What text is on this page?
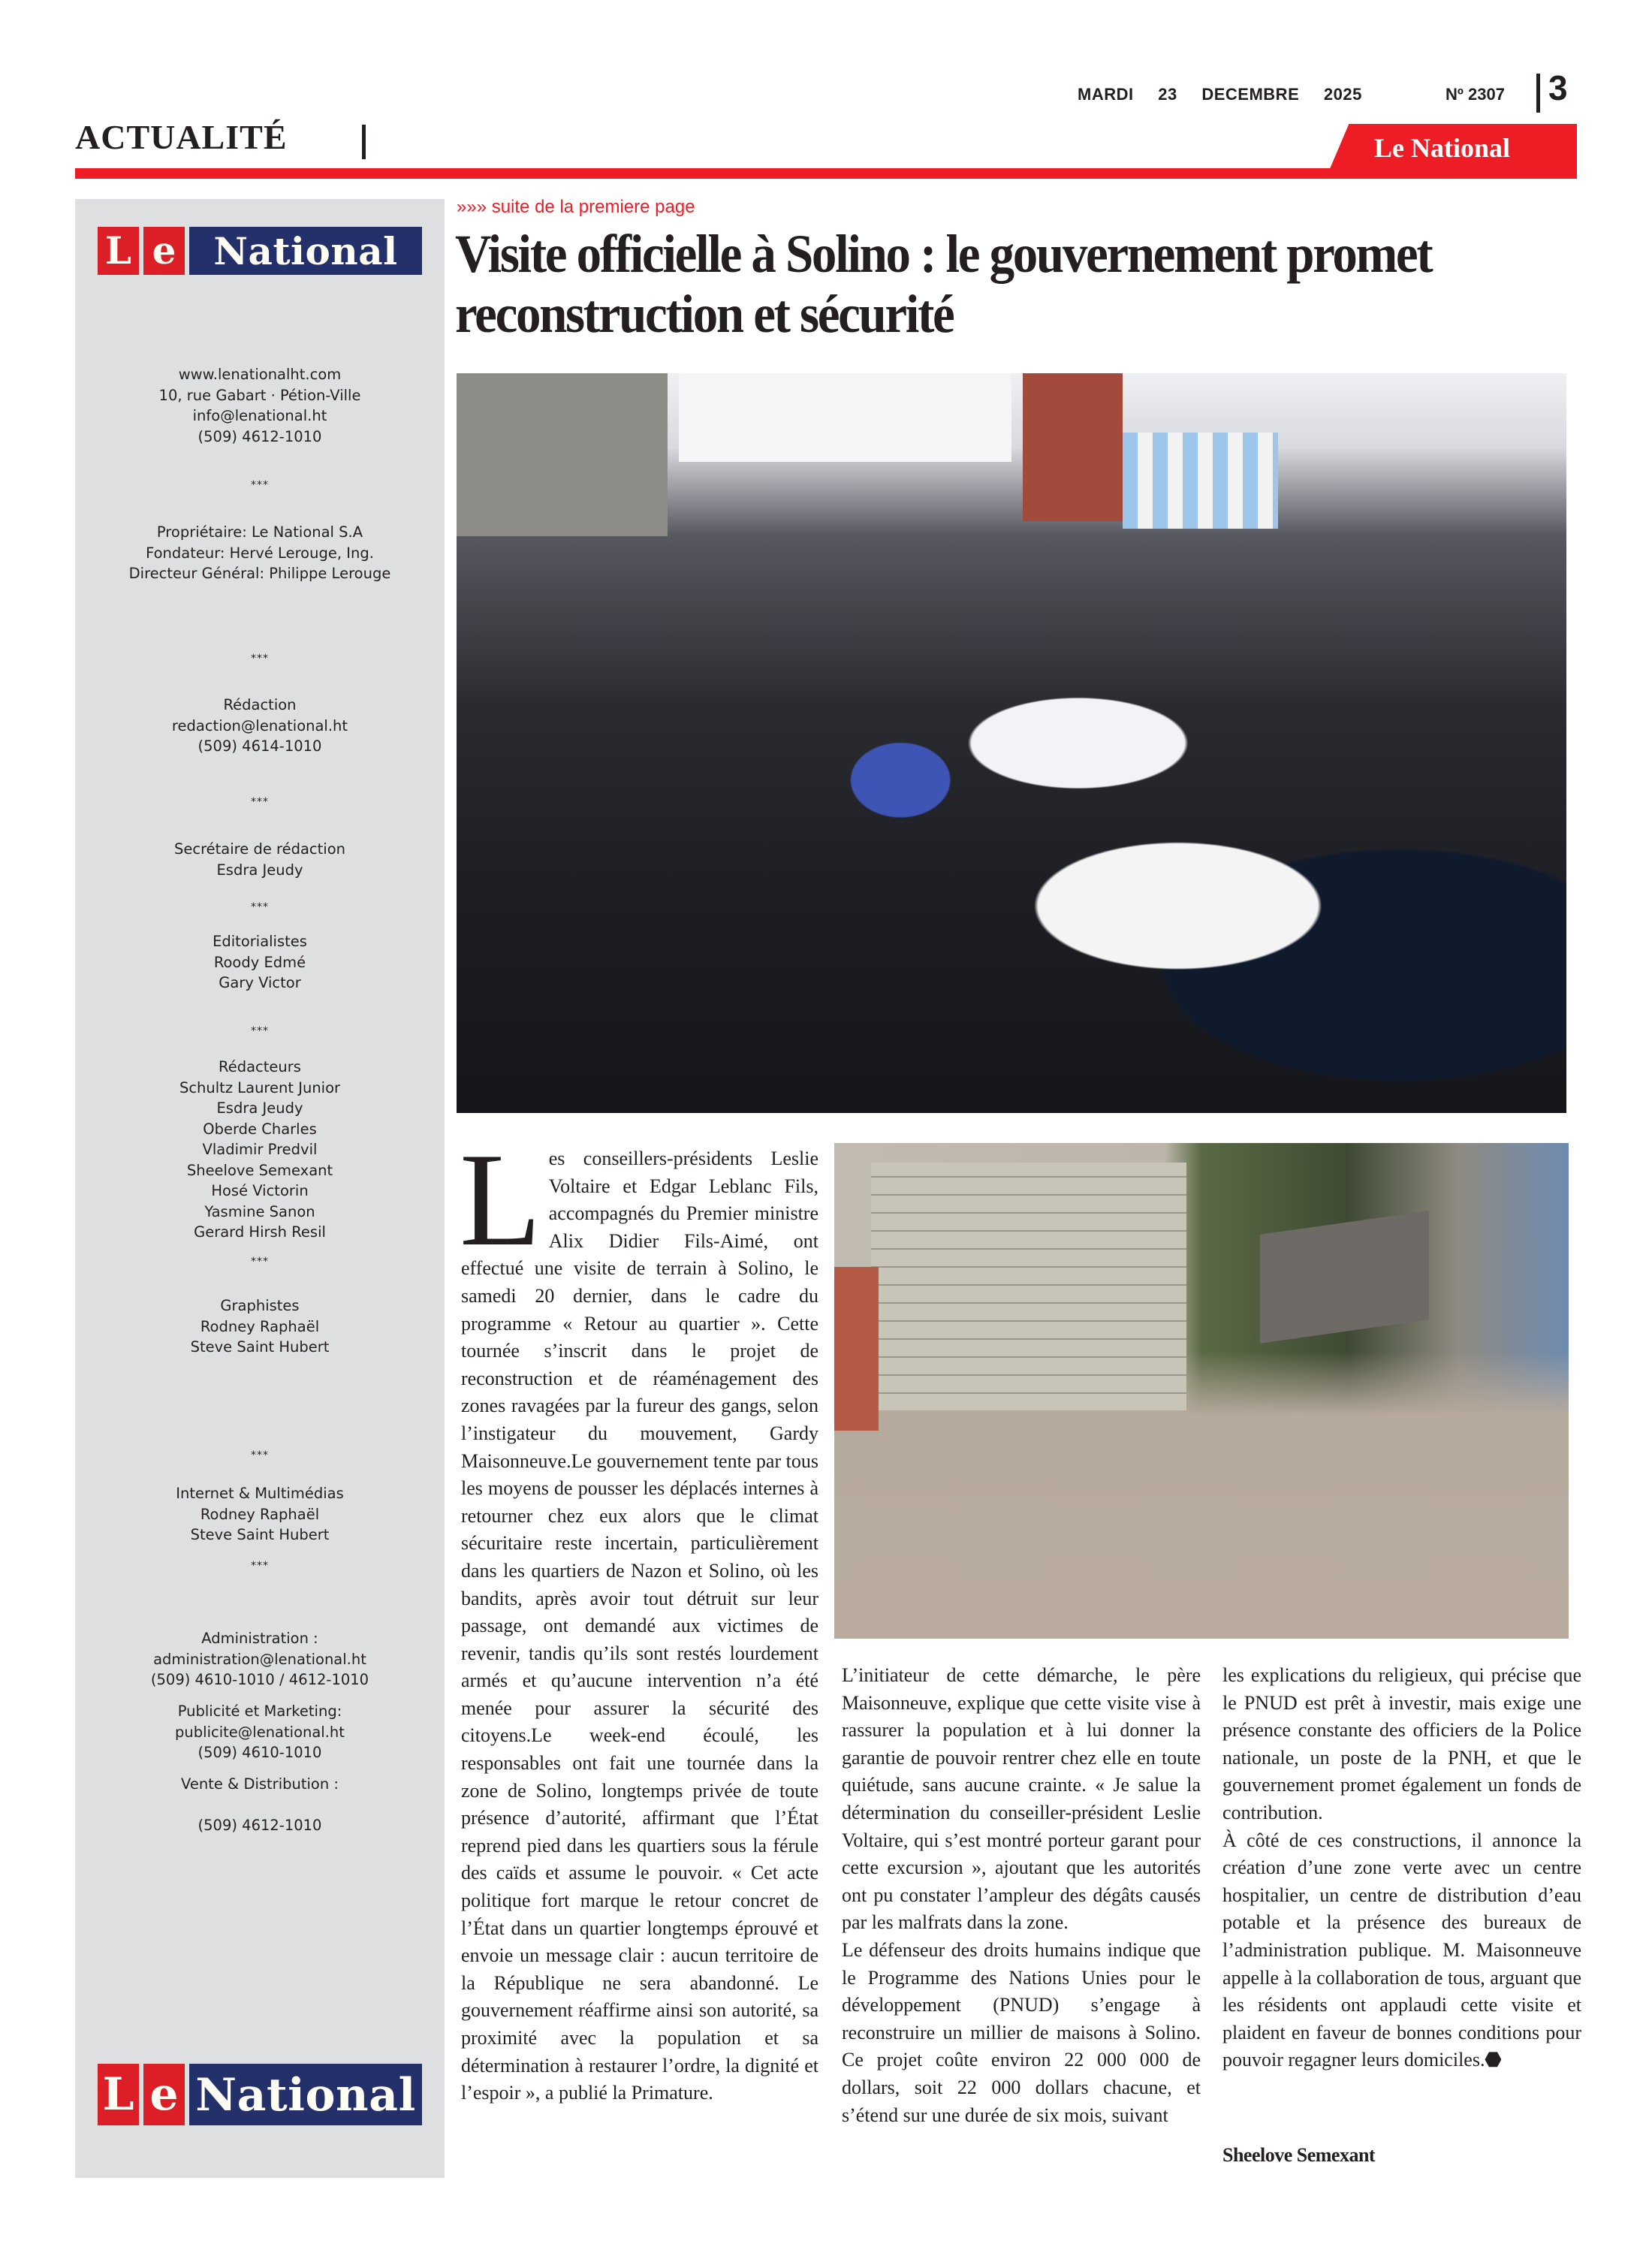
MARDI 23 DECEMBRE 2025	Nº 2307 3
ACTUALITÉ	Le National
L e National
www.lenationalht.com
10, rue Gabart · Pétion-Ville
info@lenational.ht
(509) 4612-1010
***
Propriétaire: Le National S.A
Fondateur: Hervé Lerouge, Ing.
Directeur Général: Philippe Lerouge
***
Rédaction
redaction@lenational.ht
(509) 4614-1010
***
Secrétaire de rédaction
Esdra Jeudy
***
Editorialistes
Roody Edmé
Gary Victor
***
Rédacteurs
Schultz Laurent Junior
Esdra Jeudy
Oberde Charles
Vladimir Predvil
Sheelove Semexant
Hosé Victorin
Yasmine Sanon
Gerard Hirsh Resil
***
Graphistes
Rodney Raphaël
Steve Saint Hubert
***
Internet & Multimédias
Rodney Raphaël
Steve Saint Hubert
***
Administration :
administration@lenational.ht
(509) 4610-1010 / 4612-1010
Publicité et Marketing:
publicite@lenational.ht
(509) 4610-1010
Vente & Distribution :
(509) 4612-1010
L e National
»»» suite de la premiere page
Visite officielle à Solino : le gouvernement promet reconstruction et sécurité
L es conseillers-présidents Leslie Voltaire et Edgar Leblanc Fils, accompagnés du Premier ministre Alix Didier Fils-Aimé, ont effectué une visite de terrain à Solino, le samedi 20 dernier, dans le cadre du programme « Retour au quartier ». Cette tournée s’inscrit dans le projet de reconstruction et de réaménagement des zones ravagées par la fureur des gangs, selon l’instigateur du mouvement, Gardy Maisonneuve.Le gouvernement tente par tous les moyens de pousser les déplacés internes à retourner chez eux alors que le climat sécuritaire reste incertain, particulièrement dans les quartiers de Nazon et Solino, où les bandits, après avoir tout détruit sur leur passage, ont demandé aux victimes de revenir, tandis qu’ils sont restés lourdement armés et qu’aucune intervention n’a été menée pour assurer la sécurité des citoyens.Le week-end écoulé, les responsables ont fait une tournée dans la zone de Solino, longtemps privée de toute présence d’autorité, affirmant que l’État reprend pied dans les quartiers sous la férule des caïds et assume le pouvoir. « Cet acte politique fort marque le retour concret de l’État dans un quartier longtemps éprouvé et envoie un message clair : aucun territoire de la République ne sera abandonné. Le gouvernement réaffirme ainsi son autorité, sa proximité avec la population et sa détermination à restaurer l’ordre, la dignité et l’espoir », a publié la Primature.

L’initiateur de cette démarche, le père Maisonneuve, explique que cette visite vise à rassurer la population et à lui donner la garantie de pouvoir rentrer chez elle en toute quiétude, sans aucune crainte. « Je salue la détermination du conseiller-président Leslie Voltaire, qui s’est montré porteur garant pour cette excursion », ajoutant que les autorités ont pu constater l’ampleur des dégâts causés par les malfrats dans la zone.

Le défenseur des droits humains indique que le Programme des Nations Unies pour le développement (PNUD) s’engage à reconstruire un millier de maisons à Solino. Ce projet coûte environ 22 000 000 de dollars, soit 22 000 dollars chacune, et s’étend sur une durée de six mois, suivant

les explications du religieux, qui précise que le PNUD est prêt à investir, mais exige une présence constante des officiers de la Police nationale, un poste de la PNH, et que le gouvernement promet également un fonds de contribution.

À côté de ces constructions, il annonce la création d’une zone verte avec un centre hospitalier, un centre de distribution d’eau potable et la présence des bureaux de l’administration publique. M. Maisonneuve appelle à la collaboration de tous, arguant que les résidents ont applaudi cette visite et plaident en faveur de bonnes conditions pour pouvoir regagner leurs domiciles.

Sheelove Semexant
